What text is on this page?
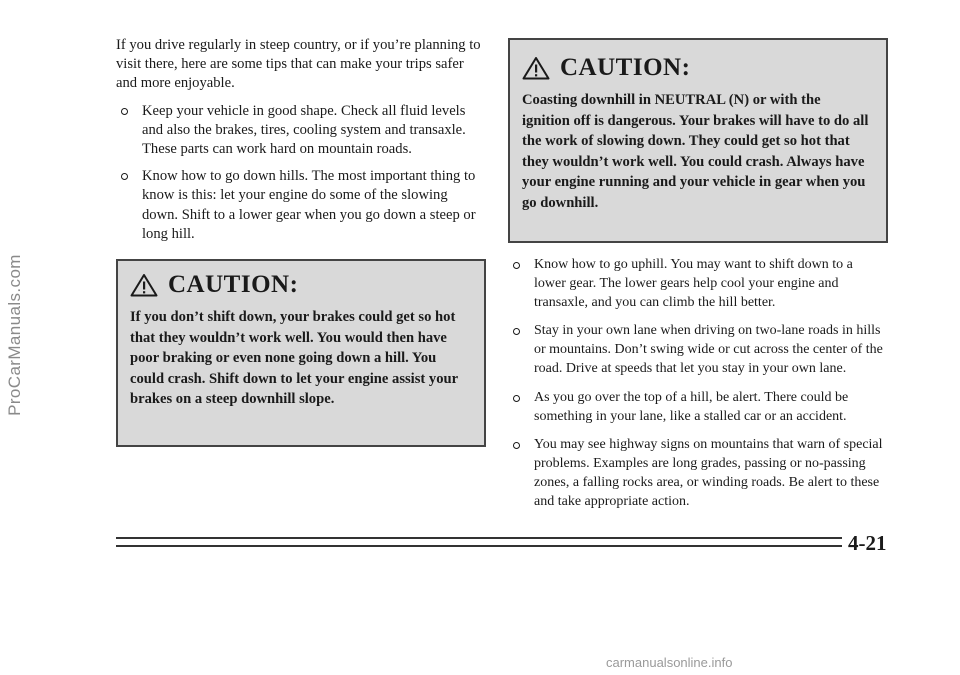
ProCarManuals.com

If you drive regularly in steep country, or if you’re planning to visit there, here are some tips that can make your trips safer and more enjoyable.

Keep your vehicle in good shape. Check all fluid levels and also the brakes, tires, cooling system and transaxle. These parts can work hard on mountain roads.
Know how to go down hills. The most important thing to know is this: let your engine do some of the slowing down. Shift to a lower gear when you go down a steep or long hill.
CAUTION:

If you don’t shift down, your brakes could get so hot that they wouldn’t work well. You would then have poor braking or even none going down a hill. You could crash. Shift down to let your engine assist your brakes on a steep downhill slope.

CAUTION:

Coasting downhill in NEUTRAL (N) or with the ignition off is dangerous. Your brakes will have to do all the work of slowing down. They could get so hot that they wouldn’t work well. You could crash. Always have your engine running and your vehicle in gear when you go downhill.

Know how to go uphill. You may want to shift down to a lower gear. The lower gears help cool your engine and transaxle, and you can climb the hill better.
Stay in your own lane when driving on two-lane roads in hills or mountains. Don’t swing wide or cut across the center of the road. Drive at speeds that let you stay in your own lane.
As you go over the top of a hill, be alert. There could be something in your lane, like a stalled car or an accident.
You may see highway signs on mountains that warn of special problems. Examples are long grades, passing or no-passing zones, a falling rocks area, or winding roads. Be alert to these and take appropriate action.
4-21
carmanualsonline.info
